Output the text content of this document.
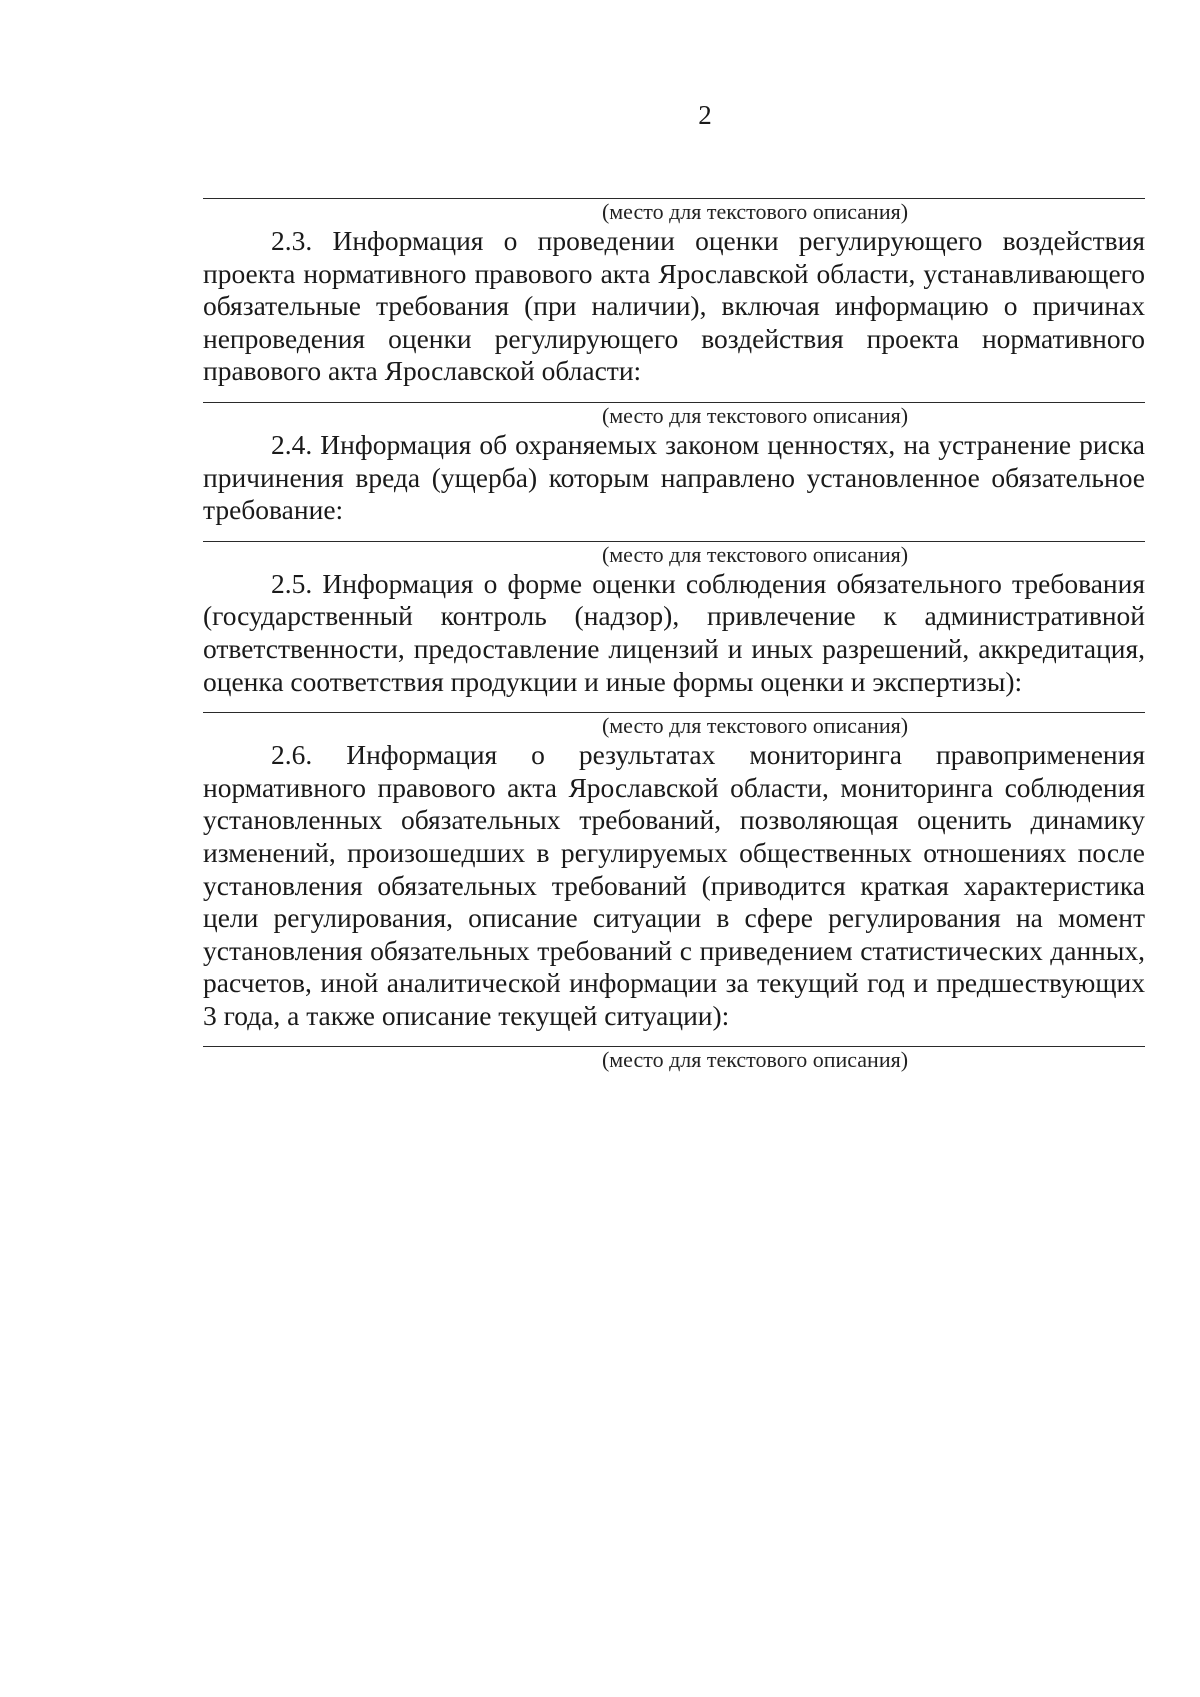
2
(место для текстового описания)

2.3. Информация о проведении оценки регулирующего воздействия проекта нормативного правового акта Ярославской области, устанавливающего обязательные требования (при наличии), включая информацию о причинах непроведения оценки регулирующего воздействия проекта нормативного правового акта Ярославской области:

(место для текстового описания)

2.4. Информация об охраняемых законом ценностях, на устранение риска причинения вреда (ущерба) которым направлено установленное обязательное требование:

(место для текстового описания)

2.5. Информация о форме оценки соблюдения обязательного требования (государственный контроль (надзор), привлечение к административной ответственности, предоставление лицензий и иных разрешений, аккредитация, оценка соответствия продукции и иные формы оценки и экспертизы):

(место для текстового описания)

2.6. Информация о результатах мониторинга правоприменения нормативного правового акта Ярославской области, мониторинга соблюдения установленных обязательных требований, позволяющая оценить динамику изменений, произошедших в регулируемых общественных отношениях после установления обязательных требований (приводится краткая характеристика цели регулирования, описание ситуации в сфере регулирования на момент установления обязательных требований с приведением статистических данных, расчетов, иной аналитической информации за текущий год и предшествующих 3 года, а также описание текущей ситуации):

(место для текстового описания)
